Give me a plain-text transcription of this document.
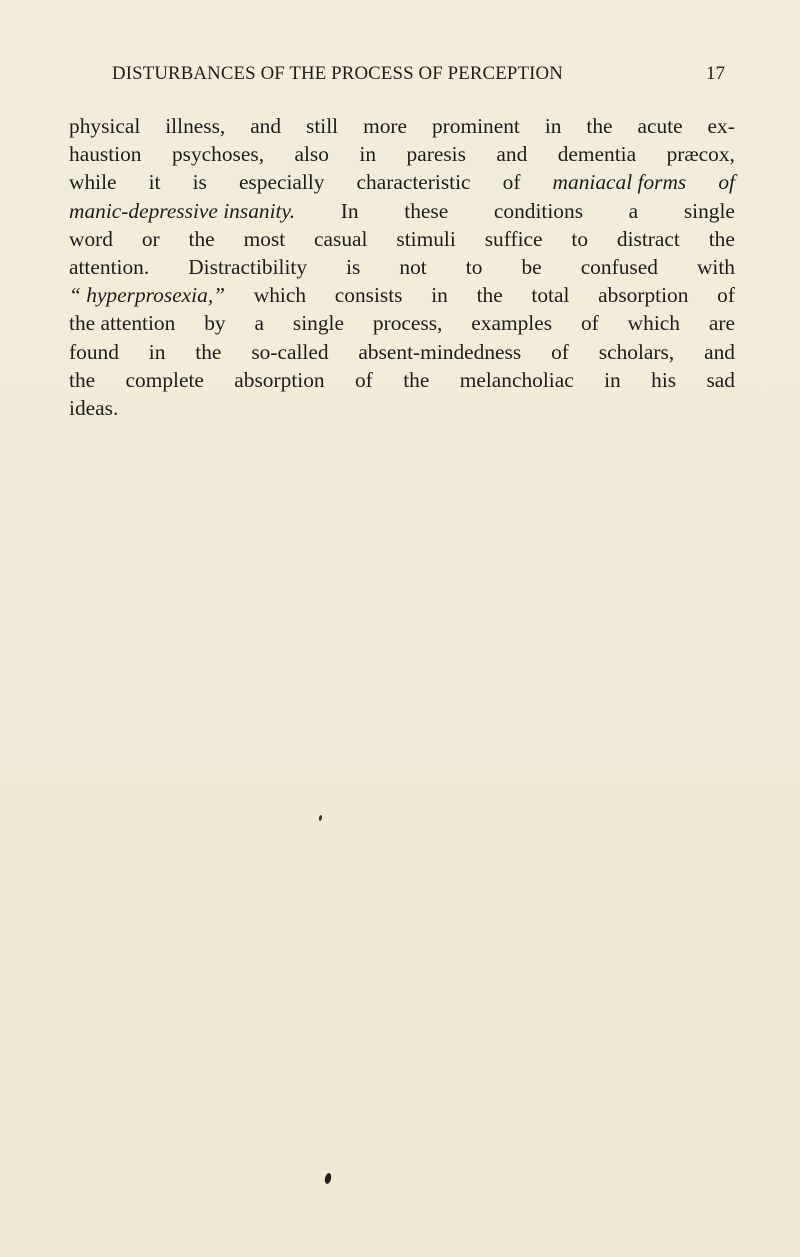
DISTURBANCES OF THE PROCESS OF PERCEPTION	17
physical illness, and still more prominent in the acute ex-
haustion psychoses, also in paresis and dementia præcox,
while it is especially characteristic of maniacal forms of
manic-depressive insanity. In these conditions a single
word or the most casual stimuli suffice to distract the
attention. Distractibility is not to be confused with
“ hyperprosexia,” which consists in the total absorption of
the attention by a single process, examples of which are
found in the so-called absent-mindedness of scholars, and
the complete absorption of the melancholiac in his sad
ideas.
